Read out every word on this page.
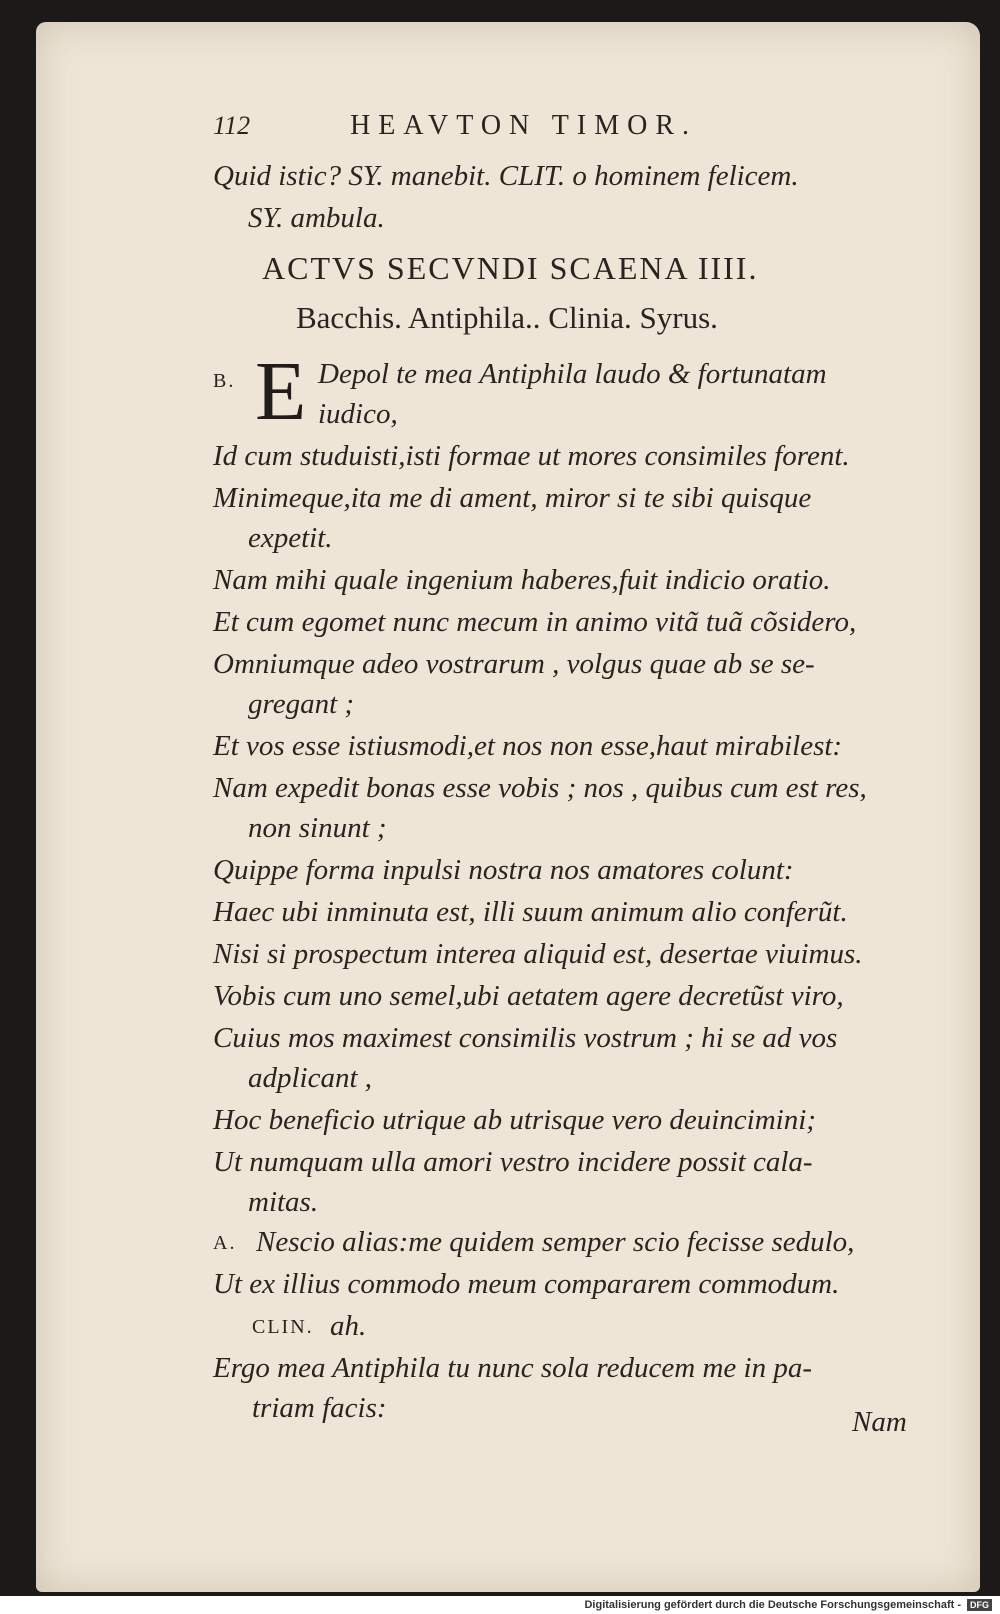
112	HEAVTON TIMOR.
Quid istic? SY. manebit. CLIT. o hominem felicem.
SY. ambula.
ACTVS SECVNDI SCAENA IIII.
Bacchis. Antiphila.. Clinia. Syrus.
B. E Depol te mea Antiphila laudo & fortunatam
iudico,
Id cum studuisti,isti formae ut mores consimiles forent.
Minimeque,ita me di ament, miror si te sibi quisque
expetit.
Nam mihi quale ingenium haberes,fuit indicio oratio.
Et cum egomet nunc mecum in animo vitã tuã cõsidero,
Omniumque adeo vostrarum , volgus quae ab se se-
gregant ;
Et vos esse istiusmodi,et nos non esse,haut mirabilest:
Nam expedit bonas esse vobis ; nos , quibus cum est res,
non sinunt ;
Quippe forma inpulsi nostra nos amatores colunt:
Haec ubi inminuta est, illi suum animum alio conferũt.
Nisi si prospectum interea aliquid est, desertae viuimus.
Vobis cum uno semel,ubi aetatem agere decretũst viro,
Cuius mos maximest consimilis vostrum ; hi se ad vos
adplicant ,
Hoc beneficio utrique ab utrisque vero deuincimini;
Ut numquam ulla amori vestro incidere possit cala-
mitas.
A. Nescio alias:me quidem semper scio fecisse sedulo,
Ut ex illius commodo meum compararem commodum.
CLIN. ah.
Ergo mea Antiphila tu nunc sola reducem me in pa-
triam facis:	Nam
Digitalisierung gefördert durch die Deutsche Forschungsgemeinschaft -	DFG
